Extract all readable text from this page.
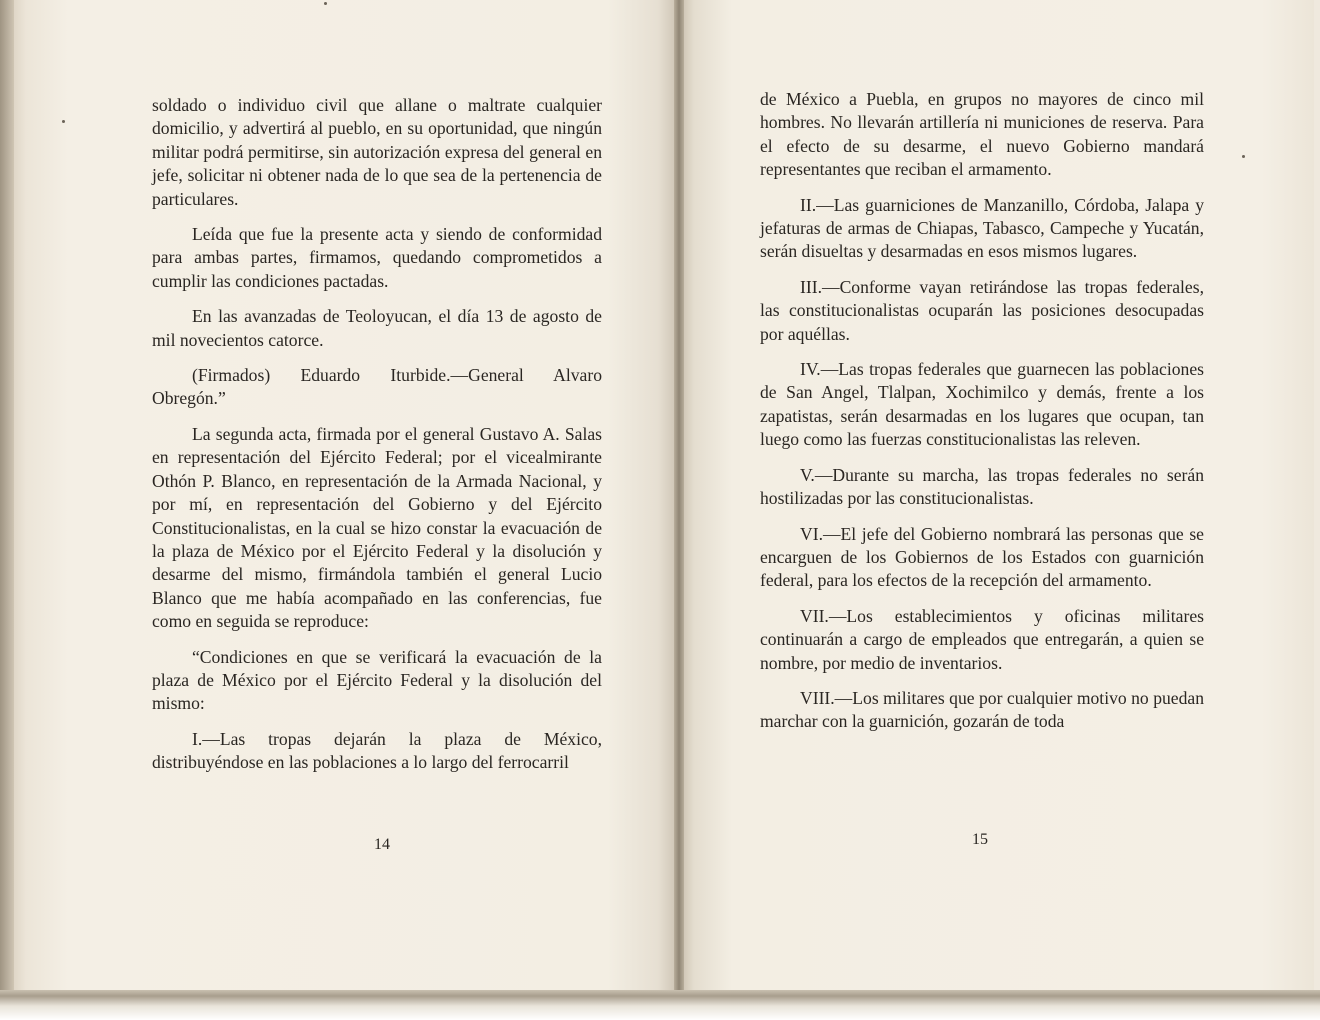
soldado o individuo civil que allane o maltrate cualquier domicilio, y advertirá al pueblo, en su oportunidad, que ningún militar podrá permitirse, sin autorización expresa del general en jefe, solicitar ni obtener nada de lo que sea de la pertenencia de particulares.

Leída que fue la presente acta y siendo de conformidad para ambas partes, firmamos, quedando comprometidos a cumplir las condiciones pactadas.

En las avanzadas de Teoloyucan, el día 13 de agosto de mil novecientos catorce.

(Firmados) Eduardo Iturbide.—General Alvaro Obregón.”

La segunda acta, firmada por el general Gustavo A. Salas en representación del Ejército Federal; por el vicealmirante Othón P. Blanco, en representación de la Armada Nacional, y por mí, en representación del Gobierno y del Ejército Constitucionalistas, en la cual se hizo constar la evacuación de la plaza de México por el Ejército Federal y la disolución y desarme del mismo, firmándola también el general Lucio Blanco que me había acompañado en las conferencias, fue como en seguida se reproduce:

“Condiciones en que se verificará la evacuación de la plaza de México por el Ejército Federal y la disolución del mismo:

I.—Las tropas dejarán la plaza de México, distribuyéndose en las poblaciones a lo largo del ferrocarril

14

de México a Puebla, en grupos no mayores de cinco mil hombres. No llevarán artillería ni municiones de reserva. Para el efecto de su desarme, el nuevo Gobierno mandará representantes que reciban el armamento.

II.—Las guarniciones de Manzanillo, Córdoba, Jalapa y jefaturas de armas de Chiapas, Tabasco, Campeche y Yucatán, serán disueltas y desarmadas en esos mismos lugares.

III.—Conforme vayan retirándose las tropas federales, las constitucionalistas ocuparán las posiciones desocupadas por aquéllas.

IV.—Las tropas federales que guarnecen las poblaciones de San Angel, Tlalpan, Xochimilco y demás, frente a los zapatistas, serán desarmadas en los lugares que ocupan, tan luego como las fuerzas constitucionalistas las releven.

V.—Durante su marcha, las tropas federales no serán hostilizadas por las constitucionalistas.

VI.—El jefe del Gobierno nombrará las personas que se encarguen de los Gobiernos de los Estados con guarnición federal, para los efectos de la recepción del armamento.

VII.—Los establecimientos y oficinas militares continuarán a cargo de empleados que entregarán, a quien se nombre, por medio de inventarios.

VIII.—Los militares que por cualquier motivo no puedan marchar con la guarnición, gozarán de toda

15
